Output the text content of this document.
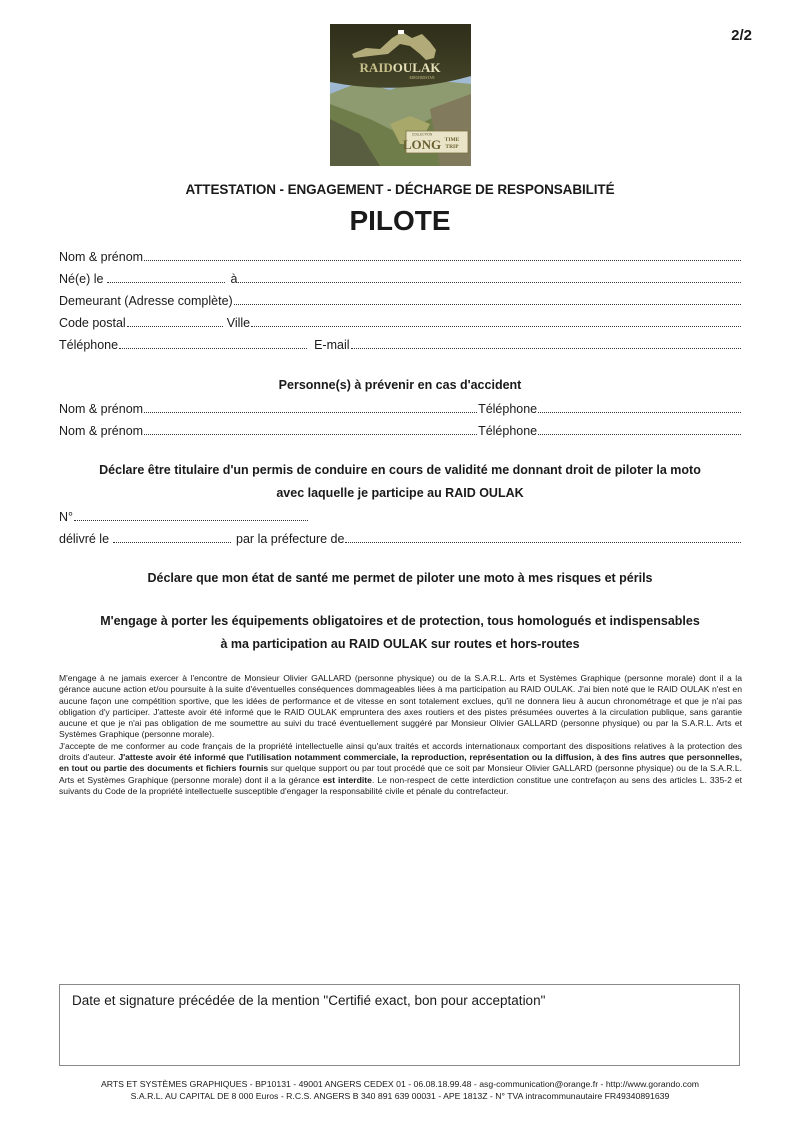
2/2
RAIDOULAK
KIRGHIZISTAN
COLLECTION
LONG TIME
TRIP
ATTESTATION - ENGAGEMENT - DÉCHARGE DE RESPONSABILITÉ
PILOTE
Nom & prénom
Né(e) le	à
Demeurant (Adresse complète)
Code postal	Ville
Téléphone	E-mail
Personne(s) à prévenir en cas d'accident
Nom & prénom	Téléphone
Nom & prénom	Téléphone
Déclare être titulaire d'un permis de conduire en cours de validité me donnant droit de piloter la moto
avec laquelle je participe au RAID OULAK
N°
délivré le	par la préfecture de
Déclare que mon état de santé me permet de piloter une moto à mes risques et périls
M'engage à porter les équipements obligatoires et de protection, tous homologués et indispensables
à ma participation au RAID OULAK sur routes et hors-routes

M'engage à ne jamais exercer à l'encontre de Monsieur Olivier GALLARD (personne physique) ou de la S.A.R.L. Arts et Systèmes Graphique (personne morale) dont il a la gérance aucune action et/ou poursuite à la suite d'éventuelles conséquences dommageables liées à ma participation au RAID OULAK. J'ai bien noté que le RAID OULAK n'est en aucune façon une compétition sportive, que les idées de performance et de vitesse en sont totalement exclues, qu'il ne donnera lieu à aucun chronométrage et que je n'ai pas obligation d'y participer. J'atteste avoir été informé que le RAID OULAK empruntera des axes routiers et des pistes présumées ouvertes à la circulation publique, sans garantie aucune et que je n'ai pas obligation de me soumettre au suivi du tracé éventuellement suggéré par Monsieur Olivier GALLARD (personne physique) ou par la S.A.R.L. Arts et Systèmes Graphique (personne morale).

J'accepte de me conformer au code français de la propriété intellectuelle ainsi qu'aux traités et accords internationaux comportant des dispositions relatives à la protection des droits d'auteur. J'atteste avoir été informé que l'utilisation notamment commerciale, la reproduction, représentation ou la diffusion, à des fins autres que personnelles, en tout ou partie des documents et fichiers fournis sur quelque support ou par tout procédé que ce soit par Monsieur Olivier GALLARD (personne physique) ou de la S.A.R.L. Arts et Systèmes Graphique (personne morale) dont il a la gérance est interdite. Le non-respect de cette interdiction constitue une contrefaçon au sens des articles L. 335-2 et suivants du Code de la propriété intellectuelle susceptible d'engager la responsabilité civile et pénale du contrefacteur.

Date et signature précédée de la mention "Certifié exact, bon pour acceptation"
ARTS ET SYSTÈMES GRAPHIQUES - BP10131 - 49001 ANGERS CEDEX 01 - 06.08.18.99.48 - asg-communication@orange.fr - http://www.gorando.com
S.A.R.L. AU CAPITAL DE 8 000 Euros - R.C.S. ANGERS B 340 891 639 00031 - APE 1813Z - N° TVA intracommunautaire FR49340891639
